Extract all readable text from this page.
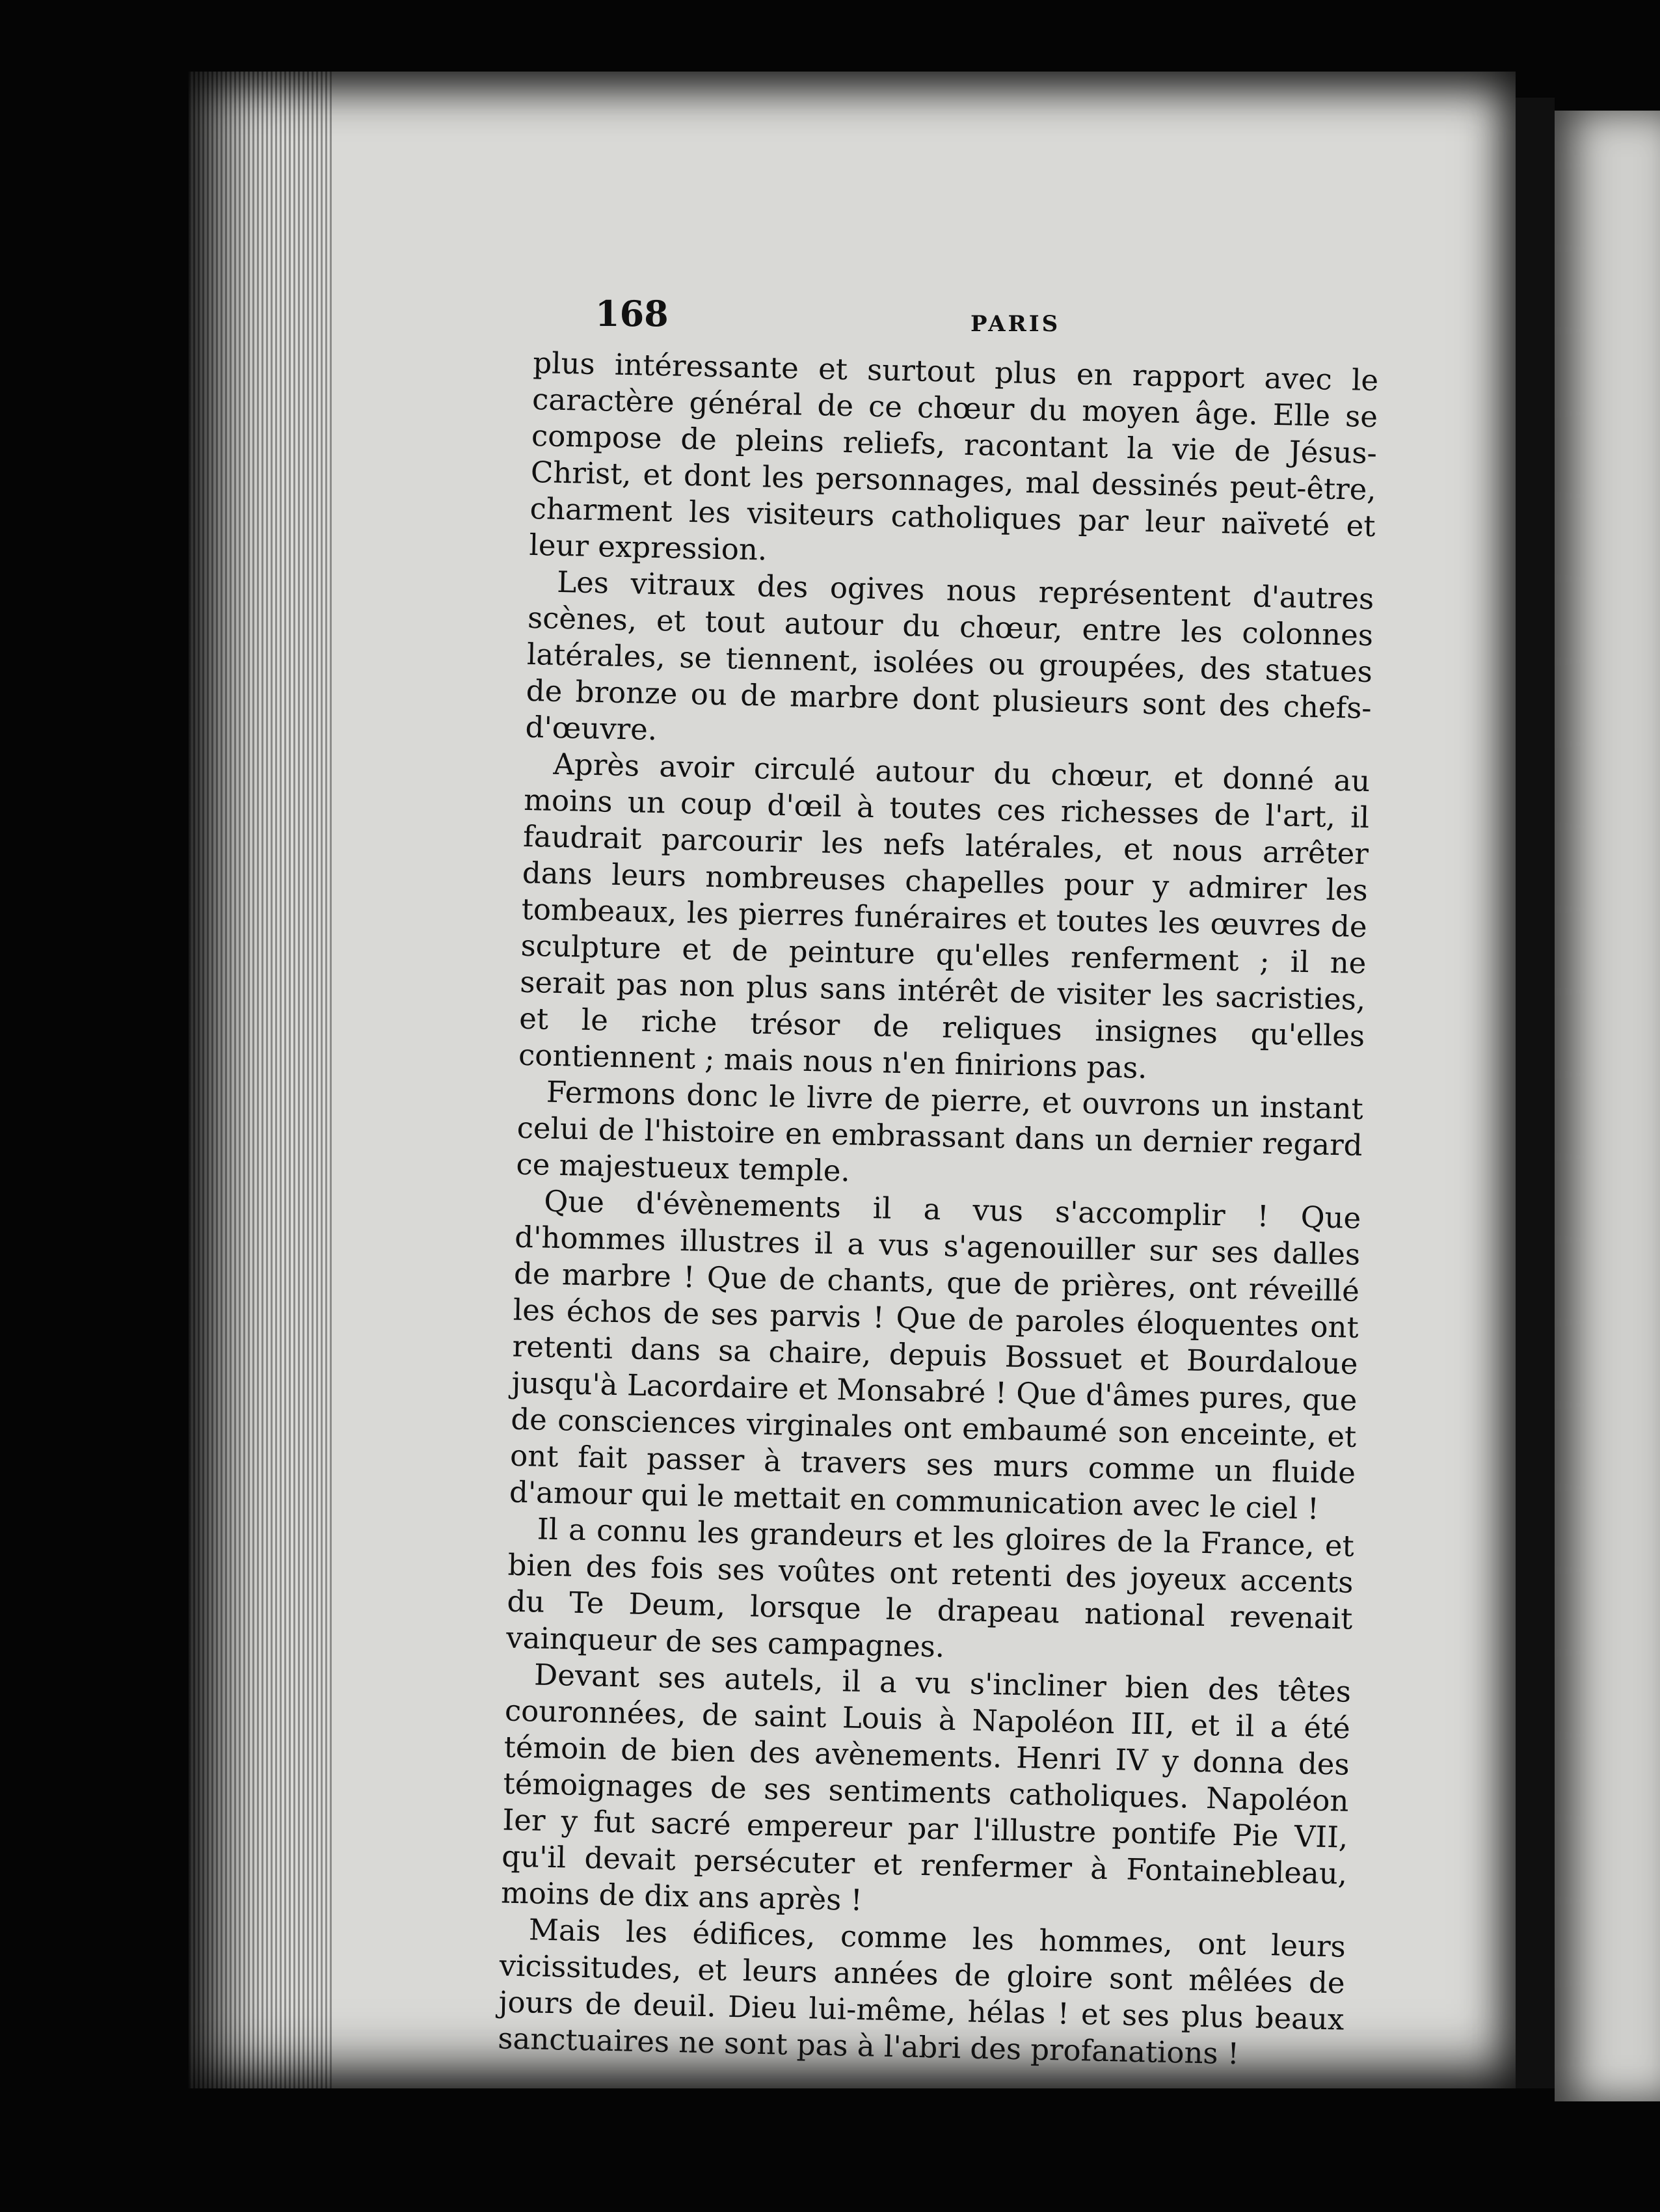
168	PARIS

plus intéressante et surtout plus en rapport avec le caractère général de ce chœur du moyen âge. Elle se compose de pleins reliefs, racontant la vie de Jésus-Christ, et dont les personnages, mal dessinés peut-être, charment les visiteurs catholiques par leur naïveté et leur expression.

Les vitraux des ogives nous représentent d'autres scènes, et tout autour du chœur, entre les colonnes latérales, se tiennent, isolées ou groupées, des statues de bronze ou de marbre dont plusieurs sont des chefs-d'œuvre.

Après avoir circulé autour du chœur, et donné au moins un coup d'œil à toutes ces richesses de l'art, il faudrait parcourir les nefs latérales, et nous arrêter dans leurs nombreuses chapelles pour y admirer les tombeaux, les pierres funéraires et toutes les œuvres de sculpture et de peinture qu'elles renferment ; il ne serait pas non plus sans intérêt de visiter les sacristies, et le riche trésor de reliques insignes qu'elles contiennent ; mais nous n'en finirions pas.

Fermons donc le livre de pierre, et ouvrons un instant celui de l'histoire en embrassant dans un dernier regard ce majestueux temple.

Que d'évènements il a vus s'accomplir ! Que d'hommes illustres il a vus s'agenouiller sur ses dalles de marbre ! Que de chants, que de prières, ont réveillé les échos de ses parvis ! Que de paroles éloquentes ont retenti dans sa chaire, depuis Bossuet et Bourdaloue jusqu'à Lacordaire et Monsabré ! Que d'âmes pures, que de consciences virginales ont embaumé son enceinte, et ont fait passer à travers ses murs comme un fluide d'amour qui le mettait en communication avec le ciel !

Il a connu les grandeurs et les gloires de la France, et bien des fois ses voûtes ont retenti des joyeux accents du Te Deum, lorsque le drapeau national revenait vainqueur de ses campagnes.

Devant ses autels, il a vu s'incliner bien des têtes couronnées, de saint Louis à Napoléon III, et il a été témoin de bien des avènements. Henri IV y donna des témoignages de ses sentiments catholiques. Napoléon Ier y fut sacré empereur par l'illustre pontife Pie VII, qu'il devait persécuter et renfermer à Fontainebleau, moins de dix ans après !

Mais les édifices, comme les hommes, ont leurs vicissitudes, et leurs années de gloire sont mêlées de jours de deuil. Dieu lui-même, hélas ! et ses plus beaux sanctuaires ne sont pas à l'abri des profanations !
